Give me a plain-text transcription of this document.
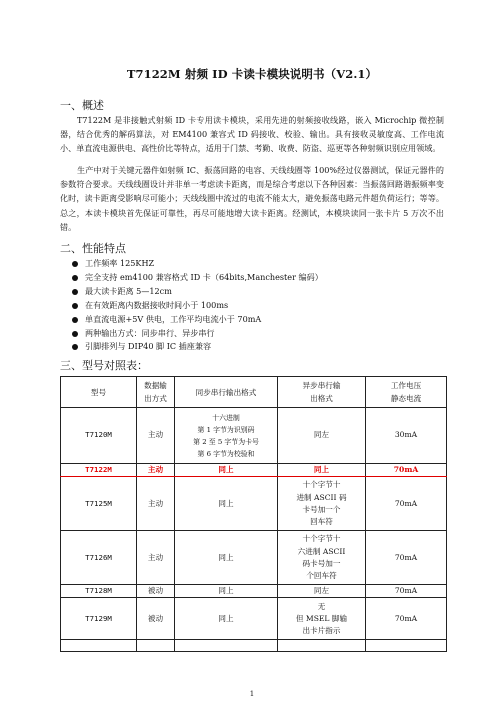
T7122M 射频 ID 卡读卡模块说明书（V2.1）
一、概述
T7122M 是非接触式射频 ID 卡专用读卡模块，采用先进的射频接收线路，嵌入 Microchip 微控制器，结合优秀的解码算法，对 EM4100 兼容式 ID 码接收、校验、输出。具有接收灵敏度高、工作电流小、单直流电源供电、高性价比等特点，适用于门禁、考勤、收费、防盗、巡更等各种射频识别应用领域。
生产中对于关键元器件如射频 IC、振荡回路的电容、天线线圈等 100%经过仪器测试，保证元器件的参数符合要求。天线线圈设计并非单一考虑读卡距离，而是综合考虑以下各种因素：当振荡回路谐振频率变化时，读卡距离受影响尽可能小；天线线圈中流过的电流不能太大，避免振荡电路元件超负荷运行；等等。总之，本读卡模块首先保证可靠性，再尽可能地增大读卡距离。经测试，本模块读同一张卡片 5 万次不出错。
二、性能特点
工作频率 125KHZ
完全支持 em4100 兼容格式 ID 卡（64bits,Manchester 编码）
最大读卡距离 5—12cm
在有效距离内数据接收时间小于 100ms
单直流电源+5V 供电，工作平均电流小于 70mA
两种输出方式：同步串行、异步串行
引脚排列与 DIP40 脚 IC 插座兼容
三、型号对照表：
型号	数据输
出方式	同步串行输出格式	异步串行输
出格式	工作电压
静态电流
T7120M	主动	十六进制
第 1 字节为识别码
第 2 至 5 字节为卡号
第 6 字节为校验和	同左	30mA
T7122M	主动	同上	同上	70mA
T7125M	主动	同上	十个字节十
进制 ASCII 码
卡号加一个
回车符	70mA
T7126M	主动	同上	十个字节十
六进制 ASCII
码卡号加一
个回车符	70mA
T7128M	被动	同上	同左	70mA
T7129M	被动	同上	无
但 MSEL 脚输
出卡片指示	70mA

1
